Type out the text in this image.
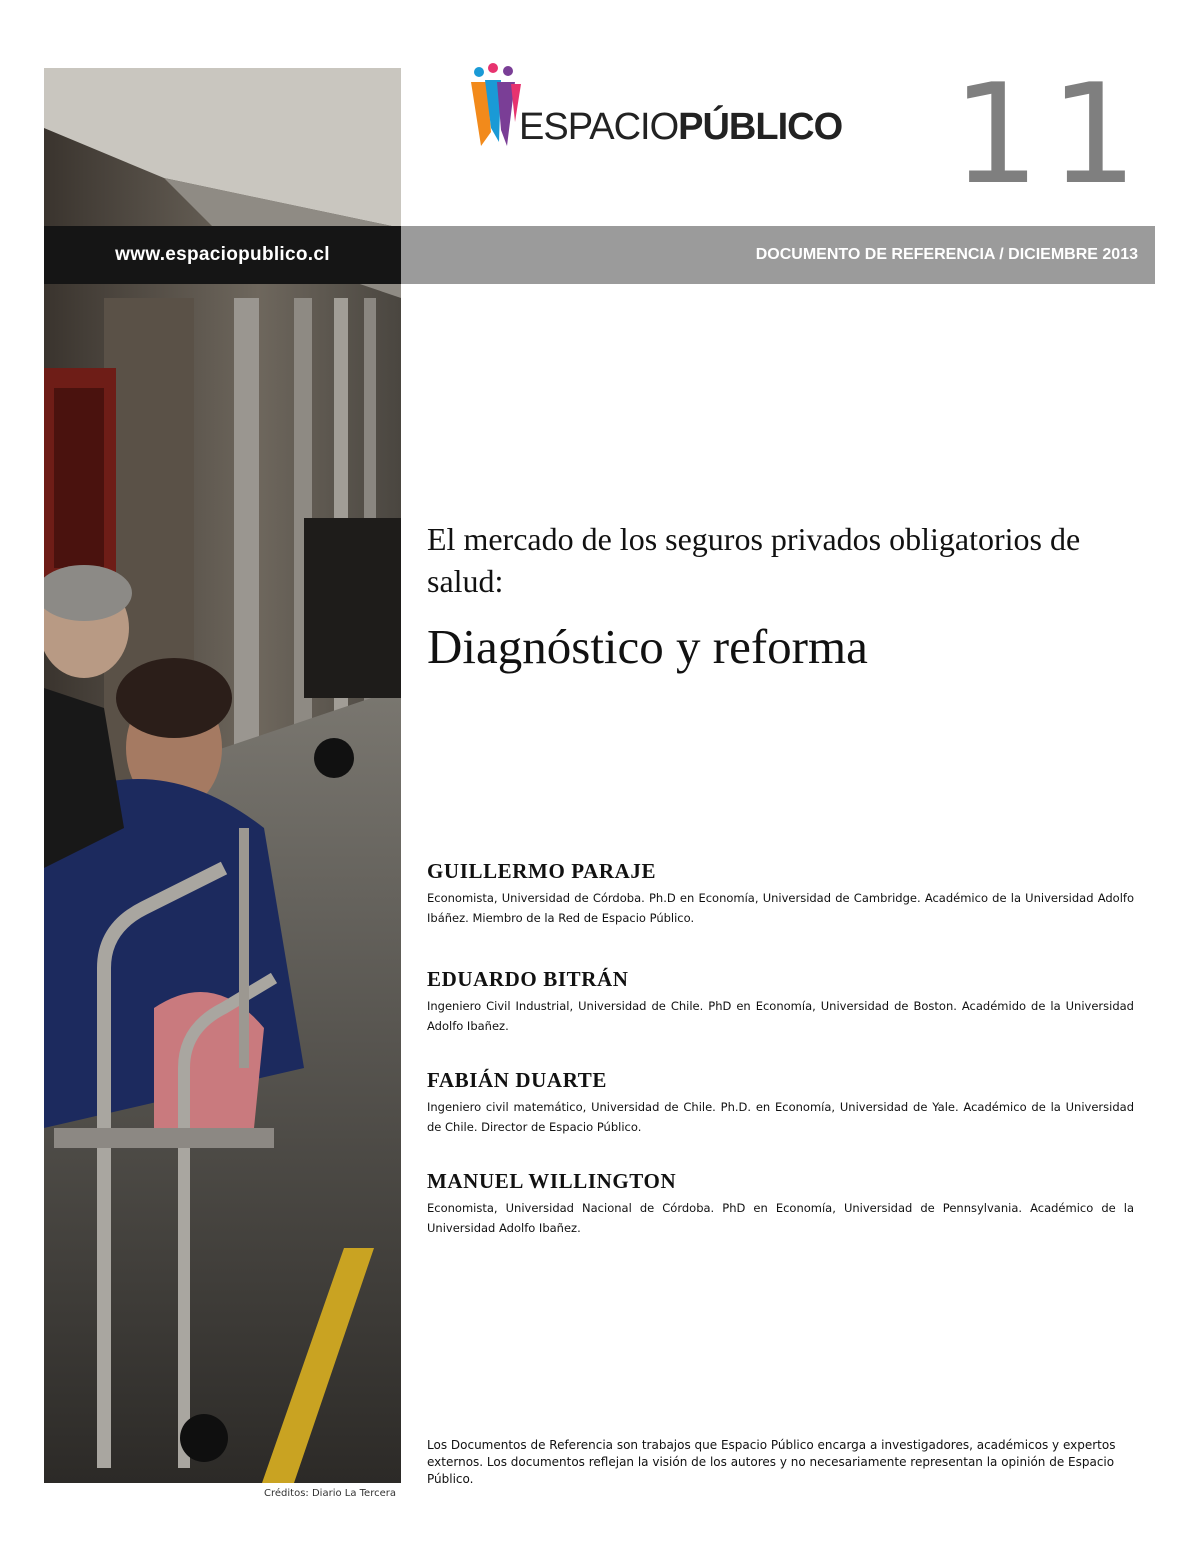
Créditos: Diario La Tercera
ESPACIOPÚBLICO 11
www.espaciopublico.cl	DOCUMENTO DE REFERENCIA / DICIEMBRE 2013
El mercado de los seguros privados obligatorios de salud:
Diagnóstico y reforma
GUILLERMO PARAJE

Economista, Universidad de Córdoba. Ph.D en Economía, Universidad de Cambridge. Académico de la Universidad Adolfo Ibáñez. Miembro de la Red de Espacio Público.

EDUARDO BITRÁN

Ingeniero Civil Industrial, Universidad de Chile. PhD en Economía, Universidad de Boston. Académido de la Universidad Adolfo Ibañez.

FABIÁN DUARTE

Ingeniero civil matemático, Universidad de Chile. Ph.D. en Economía, Universidad de Yale. Académico de la Universidad de Chile. Director de Espacio Público.

MANUEL WILLINGTON

Economista, Universidad Nacional de Córdoba. PhD en Economía, Universidad de Pennsylvania. Académico de la Universidad Adolfo Ibañez.

Los Documentos de Referencia son trabajos que Espacio Público encarga a investigadores, académicos y expertos externos. Los documentos reflejan la visión de los autores y no necesariamente representan la opinión de Espacio Público.
